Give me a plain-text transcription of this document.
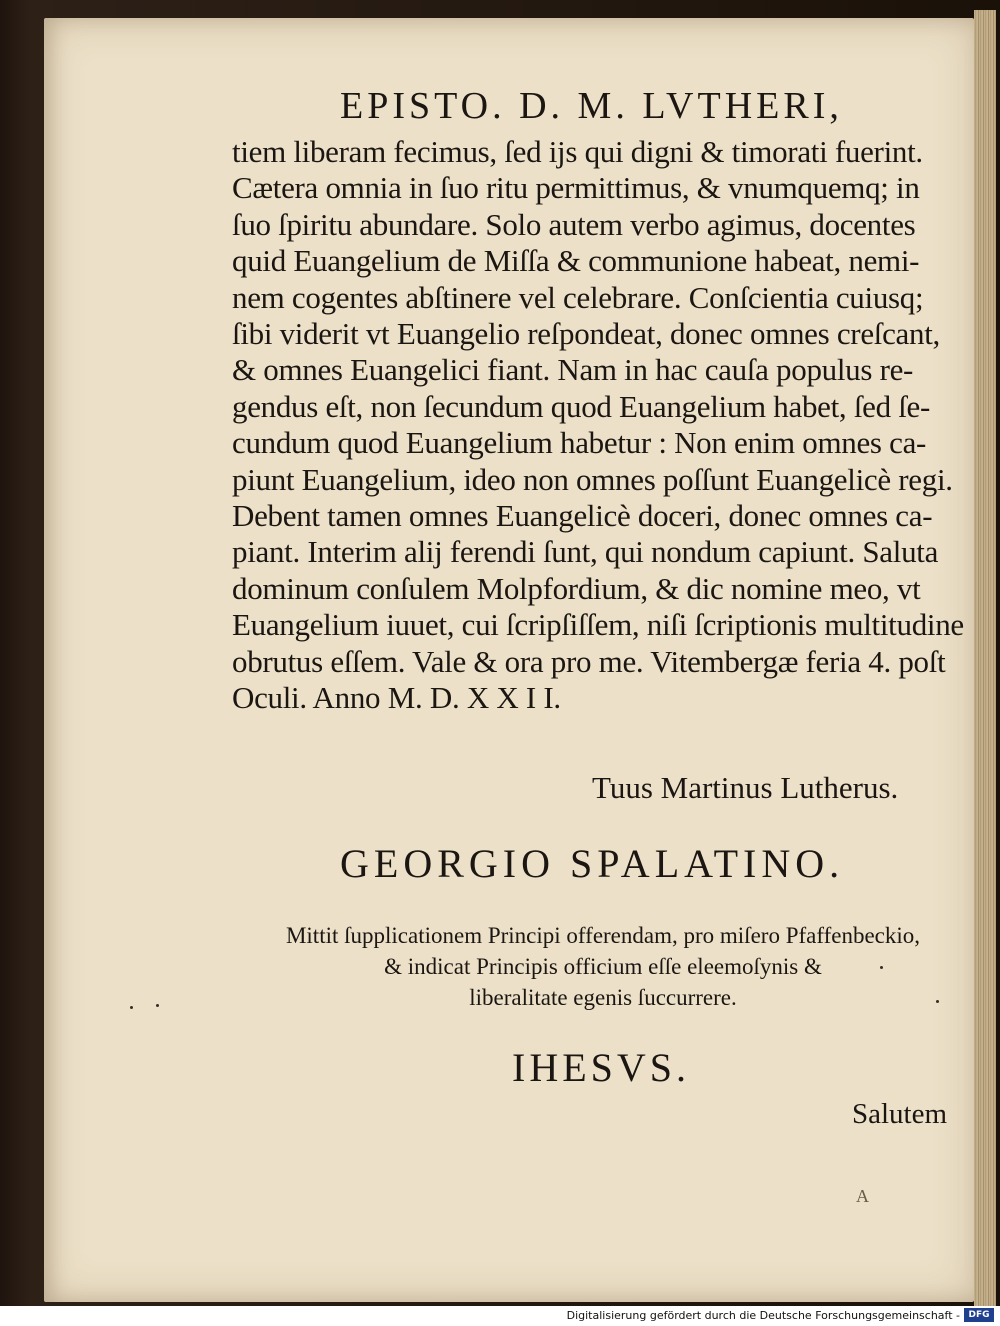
EPISTO. D. M. LVTHERI,
tiem liberam fecimus, ſed ijs qui digni & timorati fuerint.
Cætera omnia in ſuo ritu permittimus, & vnumquemq; in
ſuo ſpiritu abundare. Solo autem verbo agimus, docentes
quid Euangelium de Miſſa & communione habeat, nemi-
nem cogentes abſtinere vel celebrare. Conſcientia cuiusq;
ſibi viderit vt Euangelio reſpondeat, donec omnes creſcant,
& omnes Euangelici fiant. Nam in hac cauſa populus re-
gendus eſt, non ſecundum quod Euangelium habet, ſed ſe-
cundum quod Euangelium habetur : Non enim omnes ca-
piunt Euangelium, ideo non omnes poſſunt Euangelicè regi.
Debent tamen omnes Euangelicè doceri, donec omnes ca-
piant. Interim alij ferendi ſunt, qui nondum capiunt. Saluta
dominum conſulem Molpfordium, & dic nomine meo, vt
Euangelium iuuet, cui ſcripſiſſem, niſi ſcriptionis multitudine
obrutus eſſem. Vale & ora pro me. Vitembergæ feria 4. poſt
Oculi. Anno M. D. X X I I.
Tuus Martinus Lutherus.
GEORGIO SPALATINO.
Mittit ſupplicationem Principi offerendam, pro miſero Pfaffenbeckio,
& indicat Principis officium eſſe eleemoſynis &
liberalitate egenis ſuccurrere.
IHESVS.
Salutem
A
Digitalisierung gefördert durch die Deutsche Forschungsgemeinschaft - DFG
